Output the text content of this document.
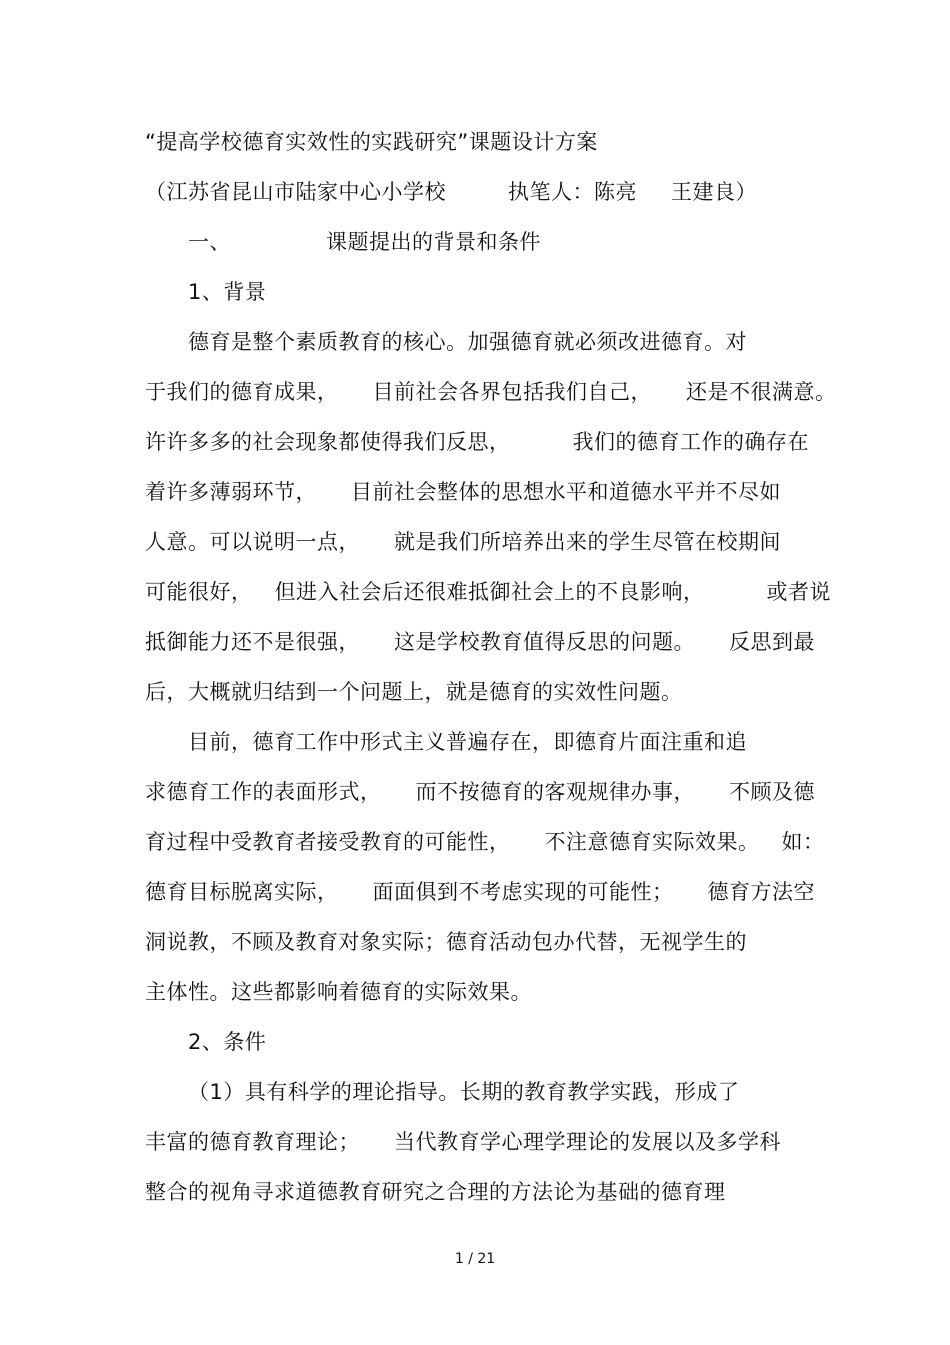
“提高学校德育实效性的实践研究”课题设计方案
（江苏省昆山市陆家中心小学校	执笔人：陈亮 王建良）
一、	课题提出的背景和条件
1、背景
德育是整个素质教育的核心。加强德育就必须改进德育。对
于我们的德育成果， 目前社会各界包括我们自己， 还是不很满意。
许许多多的社会现象都使得我们反思，	我们的德育工作的确存在
着许多薄弱环节， 目前社会整体的思想水平和道德水平并不尽如
人意。可以说明一点， 就是我们所培养出来的学生尽管在校期间
可能很好， 但进入社会后还很难抵御社会上的不良影响，	或者说
抵御能力还不是很强， 这是学校教育值得反思的问题。 反思到最
后，大概就归结到一个问题上，就是德育的实效性问题。
目前，德育工作中形式主义普遍存在，即德育片面注重和追
求德育工作的表面形式， 而不按德育的客观规律办事， 不顾及德
育过程中受教育者接受教育的可能性， 不注意德育实际效果。 如：
德育目标脱离实际， 面面俱到不考虑实现的可能性； 德育方法空
洞说教，不顾及教育对象实际；德育活动包办代替，无视学生的
主体性。这些都影响着德育的实际效果。
2、条件
（1）具有科学的理论指导。长期的教育教学实践，形成了
丰富的德育教育理论； 当代教育学心理学理论的发展以及多学科
整合的视角寻求道德教育研究之合理的方法论为基础的德育理
1 / 21
